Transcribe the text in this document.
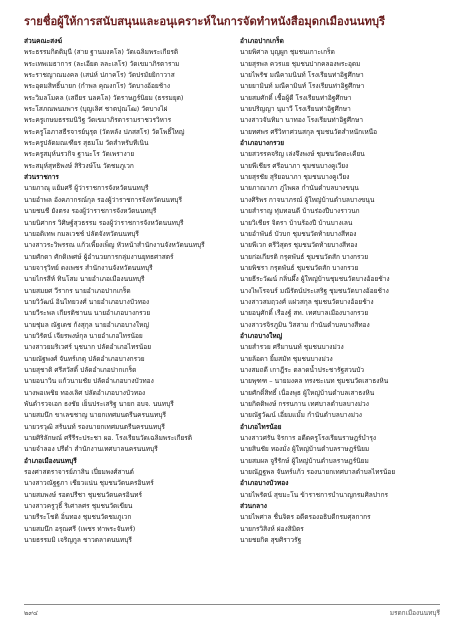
รายชื่อผู้ให้การสนับสนุนและอนุเคราะห์ในการจัดทำหนังสือมุดกเมืองนนทบุรี
ส่วนคณะสงฆ์
พระธรรมกิตติมุนี (สาย ฐานมงคโล) วัดเฉลิมพระเกียรติ
พระเทพเมธาการ (ละเอียด ลละเลโร) วัดเขมาภิรตาราม
พระราชญาณมงคล (เสน่ห์ ปภาคโร) วัดปรมัยยิกาวาส
พระอุดมสิทธิ์นายก (กำพล คุณงกโร) วัดบางอ้อยช้าง
พระวิมลโมคล (เสถียร นลคโล) วัดราษฎร์นิยม (ธรรมยุต)
พระโสภณพนมพาร (บุญเลิศ ชาตปุณโฒ) วัดบางไผ่
พระครูเกษมธรรมนิวิฐ วัดเขมาภิรตารามราชวรวิหาร
พระครูโอภาสธีรจารย์นุรุต (วัดหลัง ปภสสโร) วัดโพธิ์ใหญ่
พระครูปลัดมณเฑียร สุธมโม วัดสำหรับทีเนิน
พระครูสมุห์นรวกิจ ฐานะโร วัดเพรางาย
พระสมุห์สุทธิพงษ์ สิริวงษ์โน วัดชมภูเวก
ส่วนราชการ
นายภาณุ แย้มศรี ผู้ว่าราชการจังหวัดนนทบุรี
นายอำพล อังคภากรณ์กุล รองผู้ว่าราชการจังหวัดนนทบุรี
นายชนชี ยังตรง รองผู้ว่าราชการจังหวัดนนทบุรี
นายนิศากร วิศิษฐ์สุวธรรม รองผู้ว่าราชการจังหวัดนนทบุรี
นายอดิเทพ กมลเวชช์ ปลัดจังหวัดนนทบุรี
นางสาวระวิพรรณ แก้วเพี้ยงเพ็ญ หัวหน้าสำนักงานจังหวัดนนทบุรี
นายศักดา ศักดิเพศษ์ ผู้อำนวยการกลุ่มงานยุทธศาสตร์
นายจารุวิทย์ ดงเพชร สำนักงานจังหวัดนนทบุรี
นายไกรสีห์ ทินโสม นายอำเภอเมืองนนทบุรี
นายสมยศ วีรากร นายอำเภอปากเกร็ด
นายวิวัฒน์ อินไทยวงศ์ นายอำเภอบางบัวทอง
นายวีระพล เกียรติชานน นายอำเภอบางกรวย
นายชุ่มล ณัฐเดช ก้งสุกุล นายอำเภอบางใหญ่
นายวิรัตน์ เจียรพงษ์กุล นายอำเภอไทรน้อย
นางสาวยมริเวศร์ นุชนาก ปลัดอำเภอไทรน้อย
นายณัฐพงศ์ จันทร์เกตุ ปลัดอำเภอบางกรวย
นายสุชาติ ศรีสวัสดิ์ ปลัดอำเภอปากเกร็ด
นายอนาวิน แก้วนามชัย ปลัดอำเภอบางบัวทอง
นางพอเพชิย ทองเลิศ ปลัดอำเภอบางบัวทอง
พันตำรวจเอก ธงชัย เย็นประเสริฐ นายก อบจ. นนทบุรี
นายสมนึก ขาเลขชาญ นายกเทศมนตรีนครนนทบุรี
นายวรวุฒิ สร้นนท์ รองนายกเทศมนตรีนครนนทบุรี
นายศิริลักษณ์ ศรีรีระประชา ผอ. โรงเรียนวัดเฉลิมพระเกียรติ
นายจำลอง ปรีดำ สำนักงานเทศบาลนครนนทบุรี
อำเภอเมืองนนทบุรี
รองศาสตราจารย์ภาสิน เปี่ยมพงศ์สานต์
นางสาวณัฐฐภา เชียวแน่น ชุมชนวัดนครอินทร์
นายสมพงษ์ รอดปรีชา ชุมชนวัดนครอินทร์
นางสาวครูวุธิ์ ริเศาลศร ชุมชนวัดเขียน
นายรีระโชติ อิ่นทอง ชุมชนวัดชมภูเวก
นายสมนึก อรุณศรี (เพชร ท่าพระจันทร์)
นายธรรมมิ เจริญกูล ชาวตลาดนนทบุรี
อำเภอปากเกร็ด
นายพิศาล บุญผูก ชุมชนเกาะเกร็ด
นายสุรพล ควรแย ชุมชนปากคลองพระอุดม
นายไพรัช มณีคามนินท์ โรงเรียนท่าอิฐศึกษา
นายยามินท์ มณีคามินท์ โรงเรียนท่าอิฐศึกษา
นายสมศักดิ์ เชื้อผู้ดี โรงเรียนท่าอิฐศึกษา
นายปริญญา นุมาวี โรงเรียนท่าอิฐศึกษา
นางสาวจันทิมา นาทอง โรงเรียนท่าอิฐศึกษา
นายทศพร ศรีวิทาศวนสกุล ชุมชนวัดสำหนักเหนือ
อำเภอบางกรวย
นายสวรรคจริญ เล่งจึงพงษ์ ชุมชนวัดตะเคียน
นายพีเชียร ศรีอนาภา ชุมชนบางคูเวียง
นายสุรชัย สุริยอนาภา ชุมชนบางคูเวียง
นายภาณาภา ภู่ไพผล กำนันตำบลบางขนุน
นางศิริพร กาจนาภรณ์ ผู้ใหญ่บ้านตำบลบางขนุน
นายสำราญ ทุ่มทอนดี บ้านร่องปีบางราวนก
นายวิเชียร จิตรา บ้านร้องปี บ้านบางเลน
นายอำพันธ์ บัวบก ชุมชนวัดท้ายบางสีทอง
นายพีเวก ตรีวิสุดร ชุมชนวัดท้ายบางสีทอง
นายก่อเกียรติ กรุดพันธ์ ชุมชนวัดสัก บางกรวย
นายพิชรา กรุดพันธ์ ชุมชนวัดสัก บางกรวย
นายธีระวัฒน์ กลิ่นผึ้ง ผู้ใหญ่บ้านชุมชนวัดบางอ้อยช้าง
นางไพโรจนร์ มณีรัตน์ประเสริฐ ชุมชนวัดบางอ้อยช้าง
นางสาวสมฤวงศ์ แฝวสกุล ชุมชนวัดบางอ้อยช้าง
นายอนุศักดิ์ เรืองฐ์ สท. เทศบาลเมืองบางกรวย
นางสาวรจิรภูมิน วิสสาม กำนันตำบลบางสีทอง
อำเภอบางใหญ่
นายสำรวย ศรีมานนท์ ชุมชนบางม่วง
นายล้อดา ยิ้มสมัท ชุมชนบางม่วง
นางสมถดี เกาฎีระ ตลาดน้ำประชารัฐสวนบัว
นายพุฑฑ – นายมงคล ทรงชะเนท ชุมชนวัดเสาธงหิน
นายศักดิ์สิทธิ์ เนื่องพุธ ผู้ใหญ่บ้านตำบลเสาธงหิน
นายกิตติพงษ์ กรรนกาน เทศบาลตำบลบางม่วง
นายณัฐวัฒน์ เอี่ยมแมั้ม กำนันตำบลบางม่วง
อำเภอไทรน้อย
นางสาวศรัน จิรการ อดีตครูโรงเรียนราษฎร์บำรุง
นายสินชัย ทองมั่ง ผู้ใหญ่บ้านตำบลราษฎร์นิยม
นายสมผล จูรีรักษ์ ผู้ใหญ่บ้านตำบลราษฎร์นิยม
นายณัฏฐพล จันทร์แก้ว รองนายกเทศบาลตำบลไทรน้อย
อำเภอบางบัวทอง
นายไพรัตน์ สุขมะโน ข้าราชการบำนาญกรมศิลปากร
ส่วนกลาง
นายไพศาล ชื่นจิตร อดีตรองอธิบดีกรมศุลกากร
นายกรวิสิงห์ ผ่องสิมิตร
นายชยกิต สุขศิราวรัฐ
๒๙๔	มรดกเมืองนนทบุรี
